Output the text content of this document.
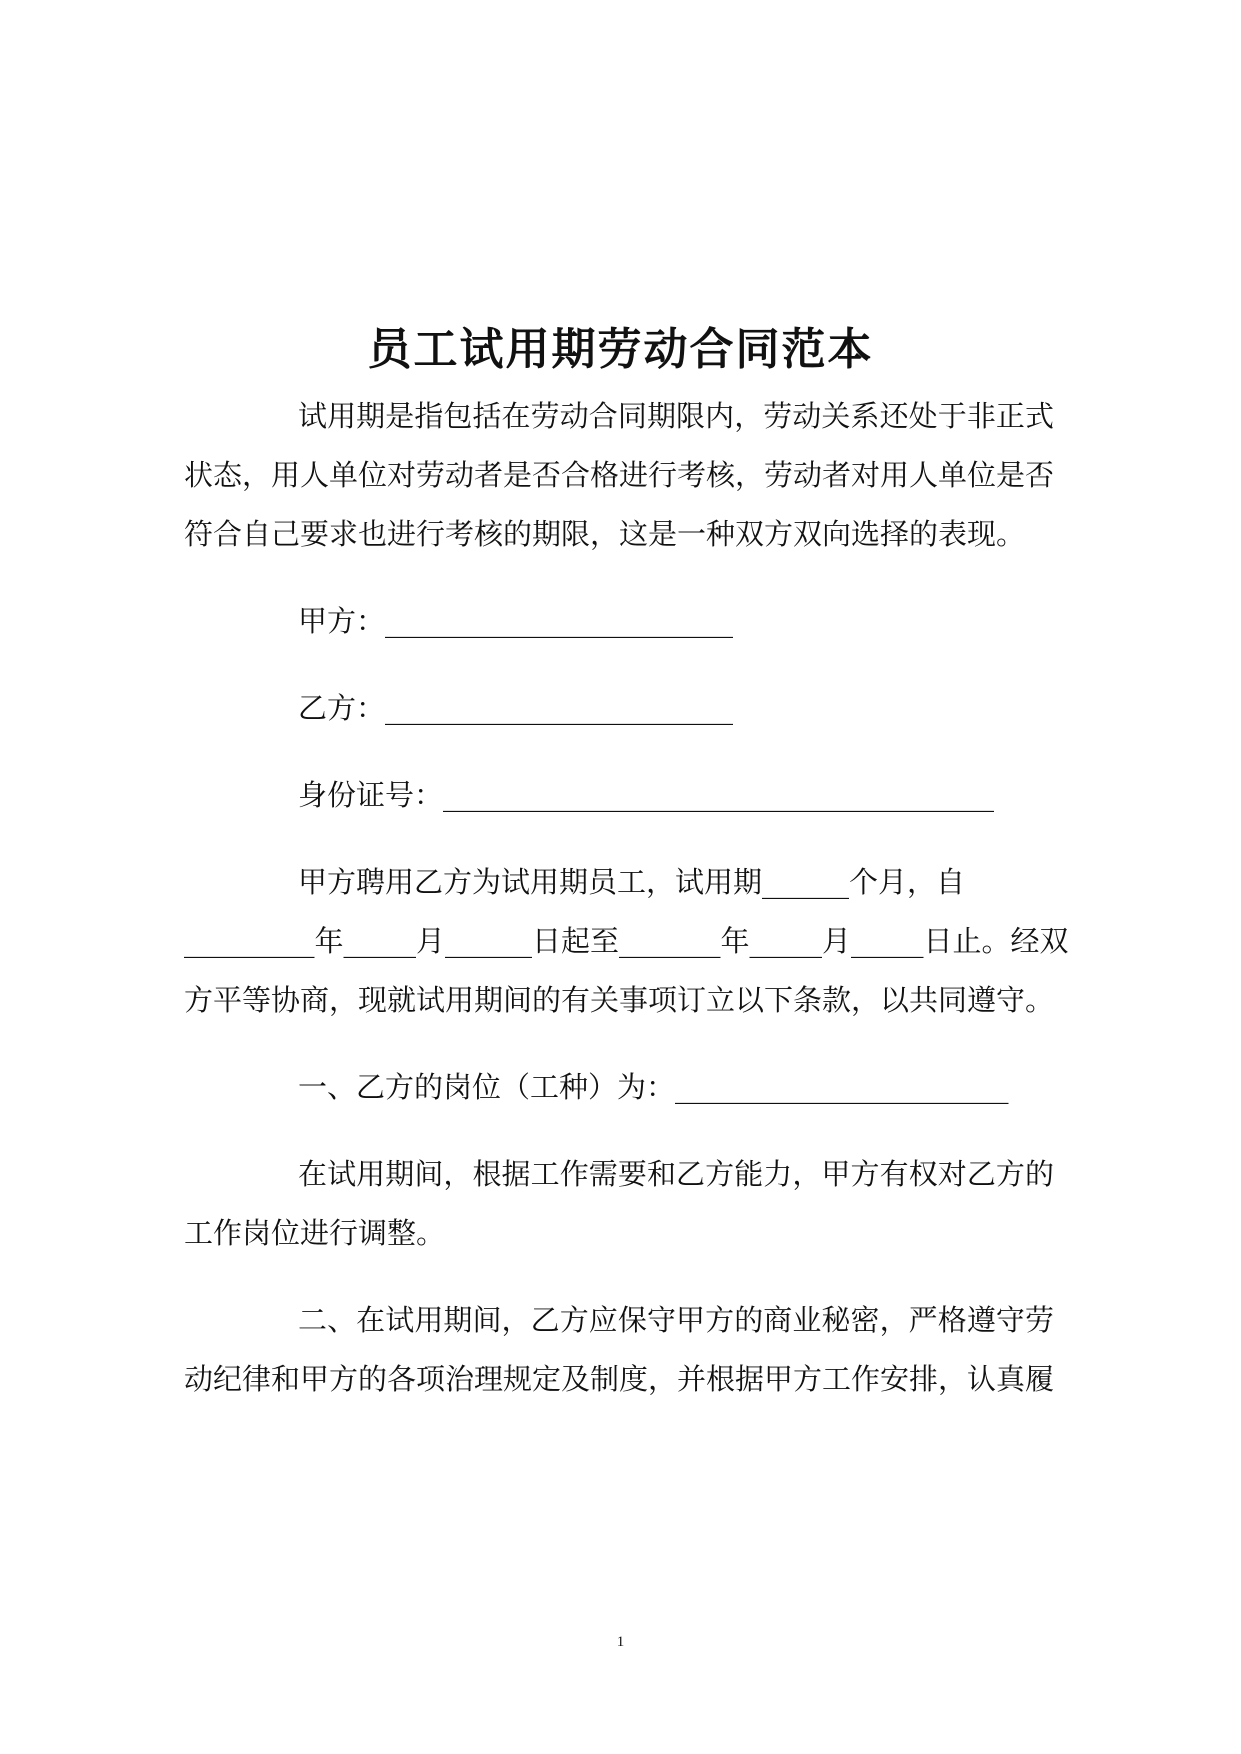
员工试用期劳动合同范本
试用期是指包括在劳动合同期限内，劳动关系还处于非正式
状态，用人单位对劳动者是否合格进行考核，劳动者对用人单位是否
符合自己要求也进行考核的期限，这是一种双方双向选择的表现。
甲方：________________________
乙方：________________________
身份证号：______________________________________
甲方聘用乙方为试用期员工，试用期______个月，自
_________年_____月______日起至_______年_____月_____日止。经双
方平等协商，现就试用期间的有关事项订立以下条款，以共同遵守。
一、乙方的岗位（工种）为：_______________________
在试用期间，根据工作需要和乙方能力，甲方有权对乙方的
工作岗位进行调整。
二、在试用期间，乙方应保守甲方的商业秘密，严格遵守劳
动纪律和甲方的各项治理规定及制度，并根据甲方工作安排，认真履
1
